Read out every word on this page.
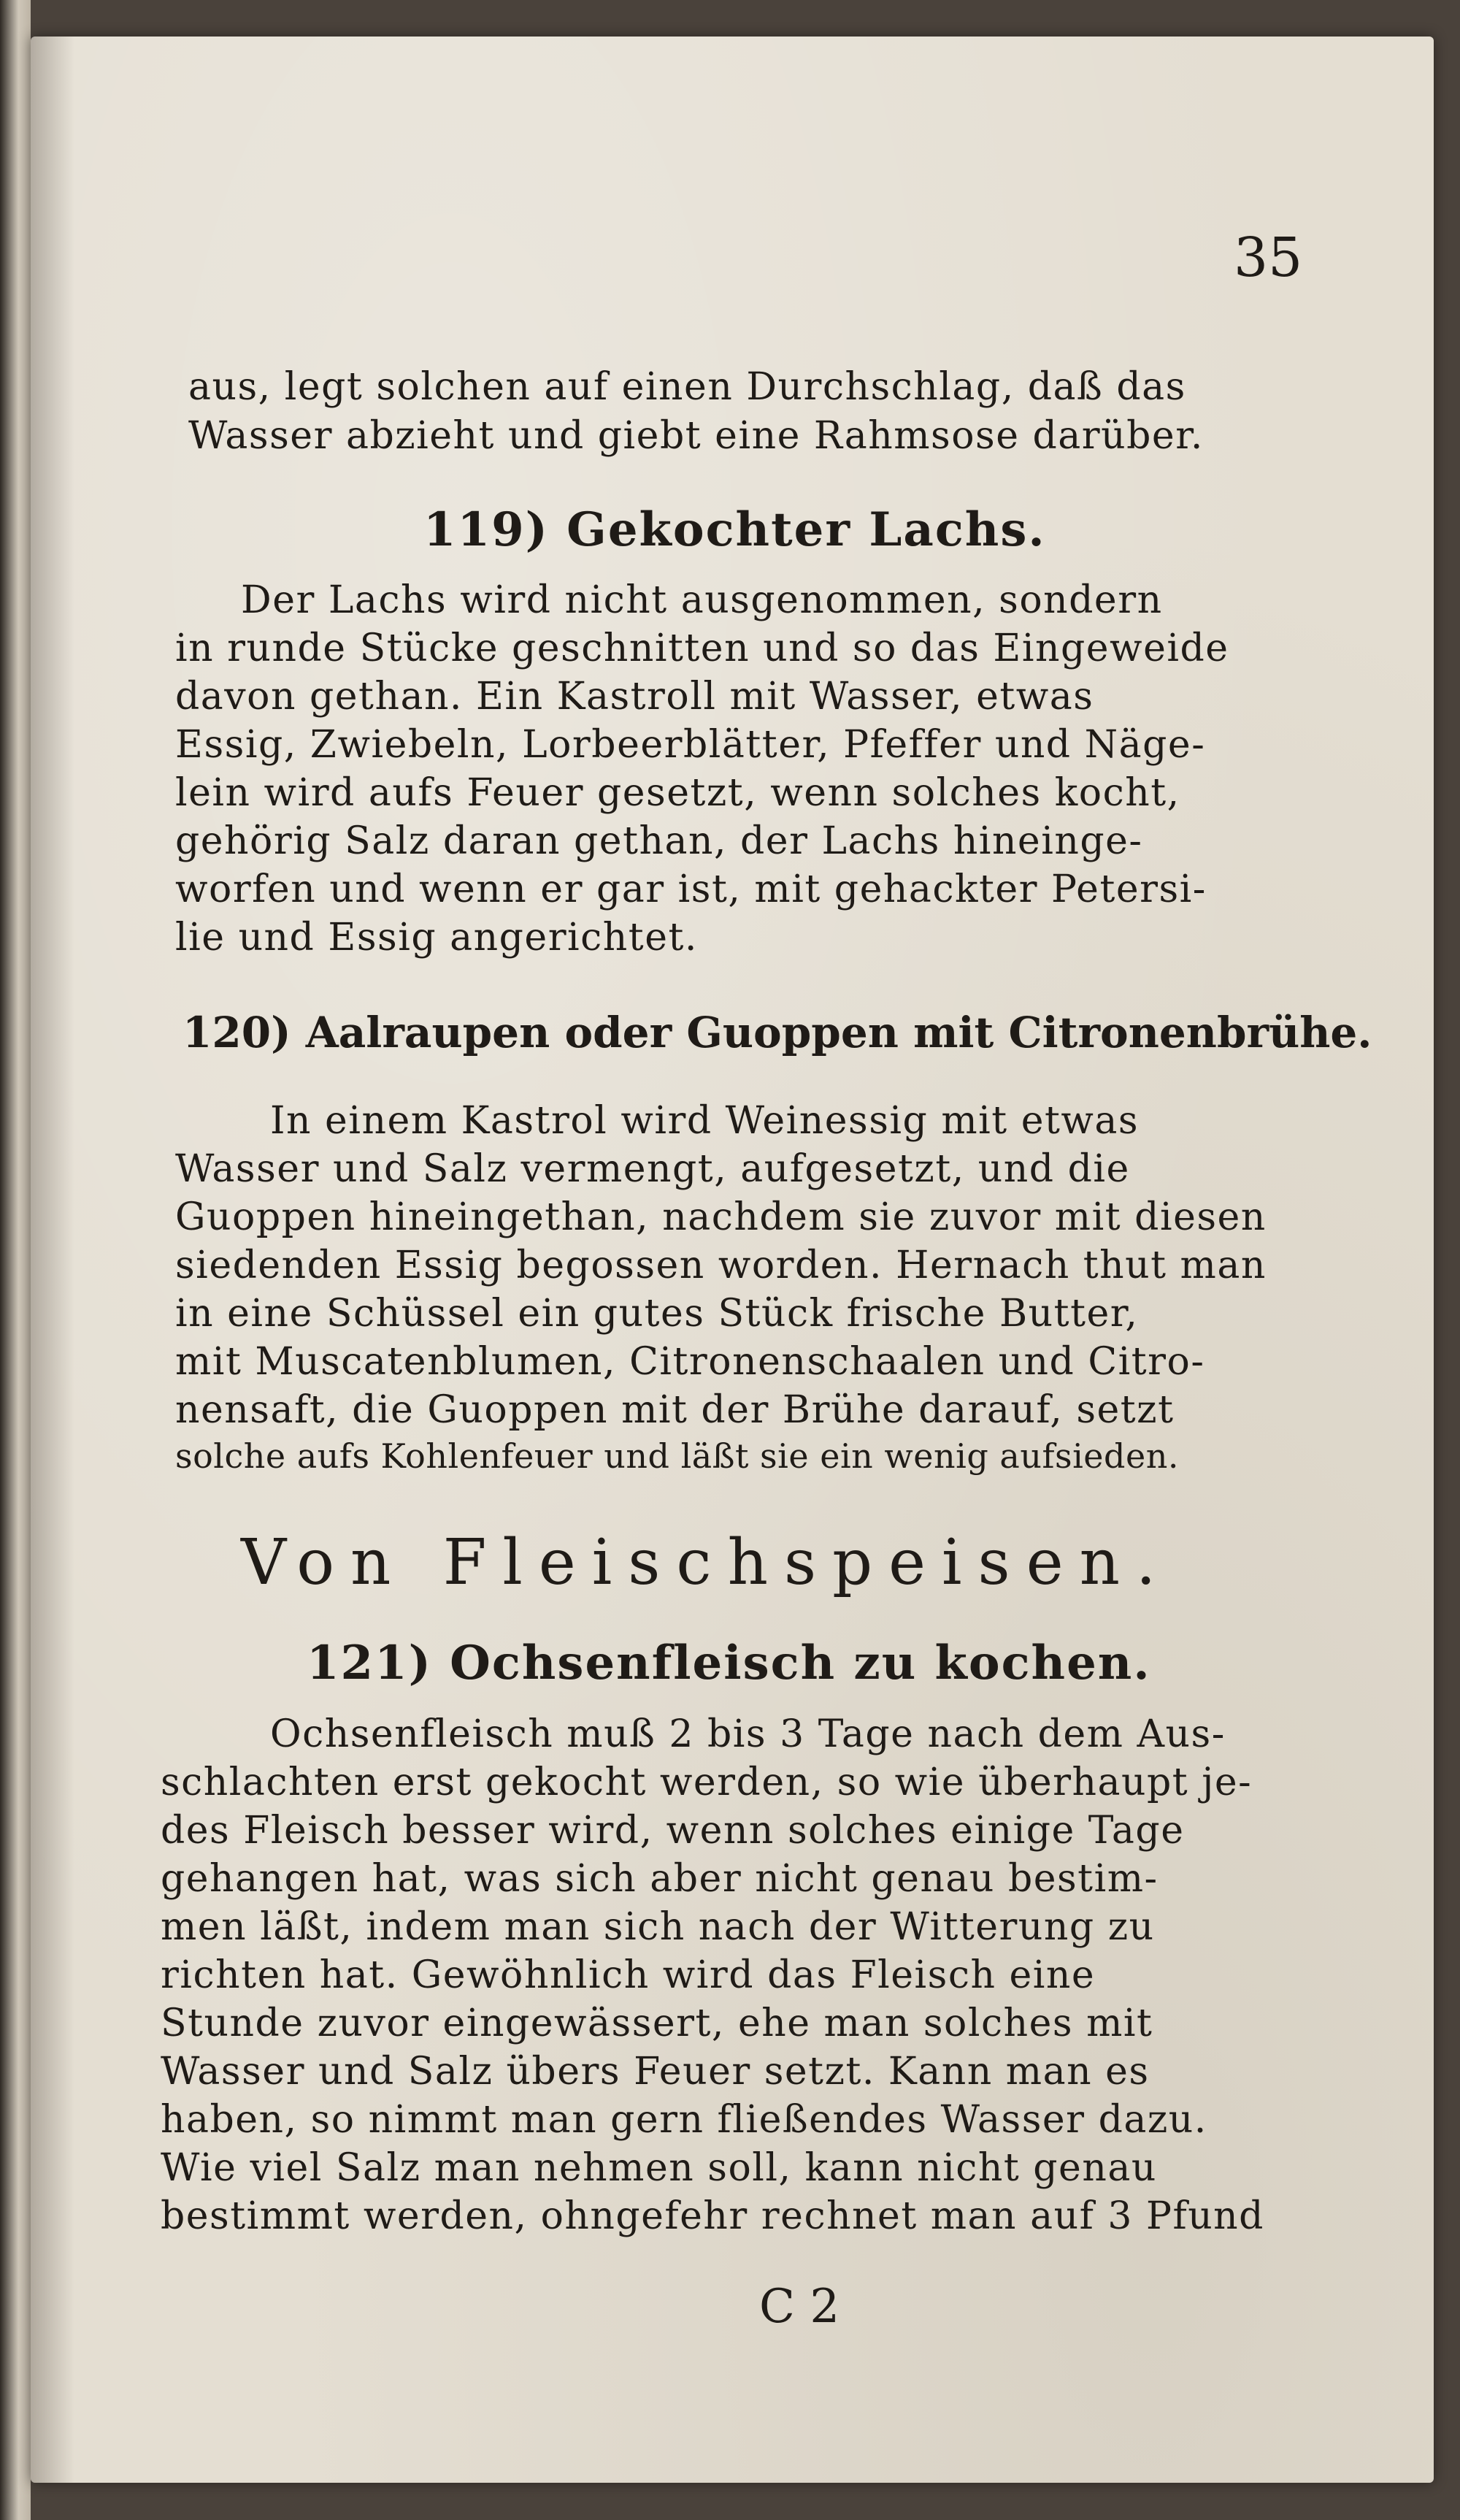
35
aus, legt solchen auf einen Durchschlag, daß das
Wasser abzieht und giebt eine Rahmsose darüber.
119) Gekochter Lachs.
Der Lachs wird nicht ausgenommen, sondern
in runde Stücke geschnitten und so das Eingeweide
davon gethan. Ein Kastroll mit Wasser, etwas
Essig, Zwiebeln, Lorbeerblätter, Pfeffer und Näge-
lein wird aufs Feuer gesetzt, wenn solches kocht,
gehörig Salz daran gethan, der Lachs hineinge-
worfen und wenn er gar ist, mit gehackter Petersi-
lie und Essig angerichtet.
120) Aalraupen oder Guoppen mit Citronenbrühe.
In einem Kastrol wird Weinessig mit etwas
Wasser und Salz vermengt, aufgesetzt, und die
Guoppen hineingethan, nachdem sie zuvor mit diesen
siedenden Essig begossen worden. Hernach thut man
in eine Schüssel ein gutes Stück frische Butter,
mit Muscatenblumen, Citronenschaalen und Citro-
nensaft, die Guoppen mit der Brühe darauf, setzt
solche aufs Kohlenfeuer und läßt sie ein wenig aufsieden.
Von Fleischspeisen.
121) Ochsenfleisch zu kochen.
Ochsenfleisch muß 2 bis 3 Tage nach dem Aus-
schlachten erst gekocht werden, so wie überhaupt je-
des Fleisch besser wird, wenn solches einige Tage
gehangen hat, was sich aber nicht genau bestim-
men läßt, indem man sich nach der Witterung zu
richten hat. Gewöhnlich wird das Fleisch eine
Stunde zuvor eingewässert, ehe man solches mit
Wasser und Salz übers Feuer setzt. Kann man es
haben, so nimmt man gern fließendes Wasser dazu.
Wie viel Salz man nehmen soll, kann nicht genau
bestimmt werden, ohngefehr rechnet man auf 3 Pfund
C 2
